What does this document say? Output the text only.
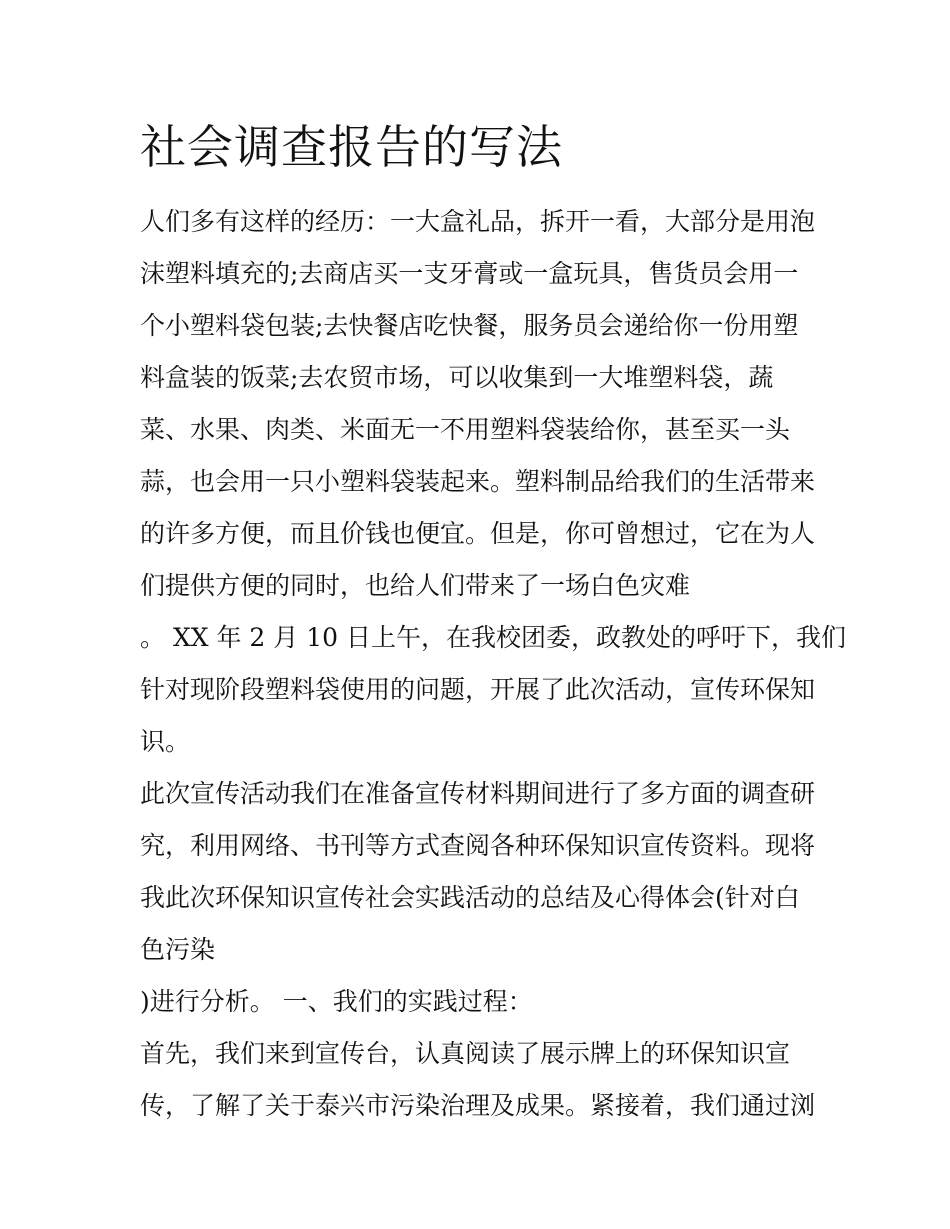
社会调查报告的写法

人们多有这样的经历：一大盒礼品，拆开一看，大部分是用泡

沫塑料填充的;去商店买一支牙膏或一盒玩具，售货员会用一

个小塑料袋包装;去快餐店吃快餐，服务员会递给你一份用塑

料盒装的饭菜;去农贸市场，可以收集到一大堆塑料袋，蔬

菜、水果、肉类、米面无一不用塑料袋装给你，甚至买一头

蒜，也会用一只小塑料袋装起来。塑料制品给我们的生活带来

的许多方便，而且价钱也便宜。但是，你可曾想过，它在为人

们提供方便的同时，也给人们带来了一场白色灾难

。 XX 年 2 月 10 日上午，在我校团委，政教处的呼吁下，我们

针对现阶段塑料袋使用的问题，开展了此次活动，宣传环保知

识。

此次宣传活动我们在准备宣传材料期间进行了多方面的调查研

究，利用网络、书刊等方式查阅各种环保知识宣传资料。现将

我此次环保知识宣传社会实践活动的总结及心得体会(针对白

色污染

)进行分析。 一、我们的实践过程：

首先，我们来到宣传台，认真阅读了展示牌上的环保知识宣

传，了解了关于泰兴市污染治理及成果。紧接着，我们通过浏
